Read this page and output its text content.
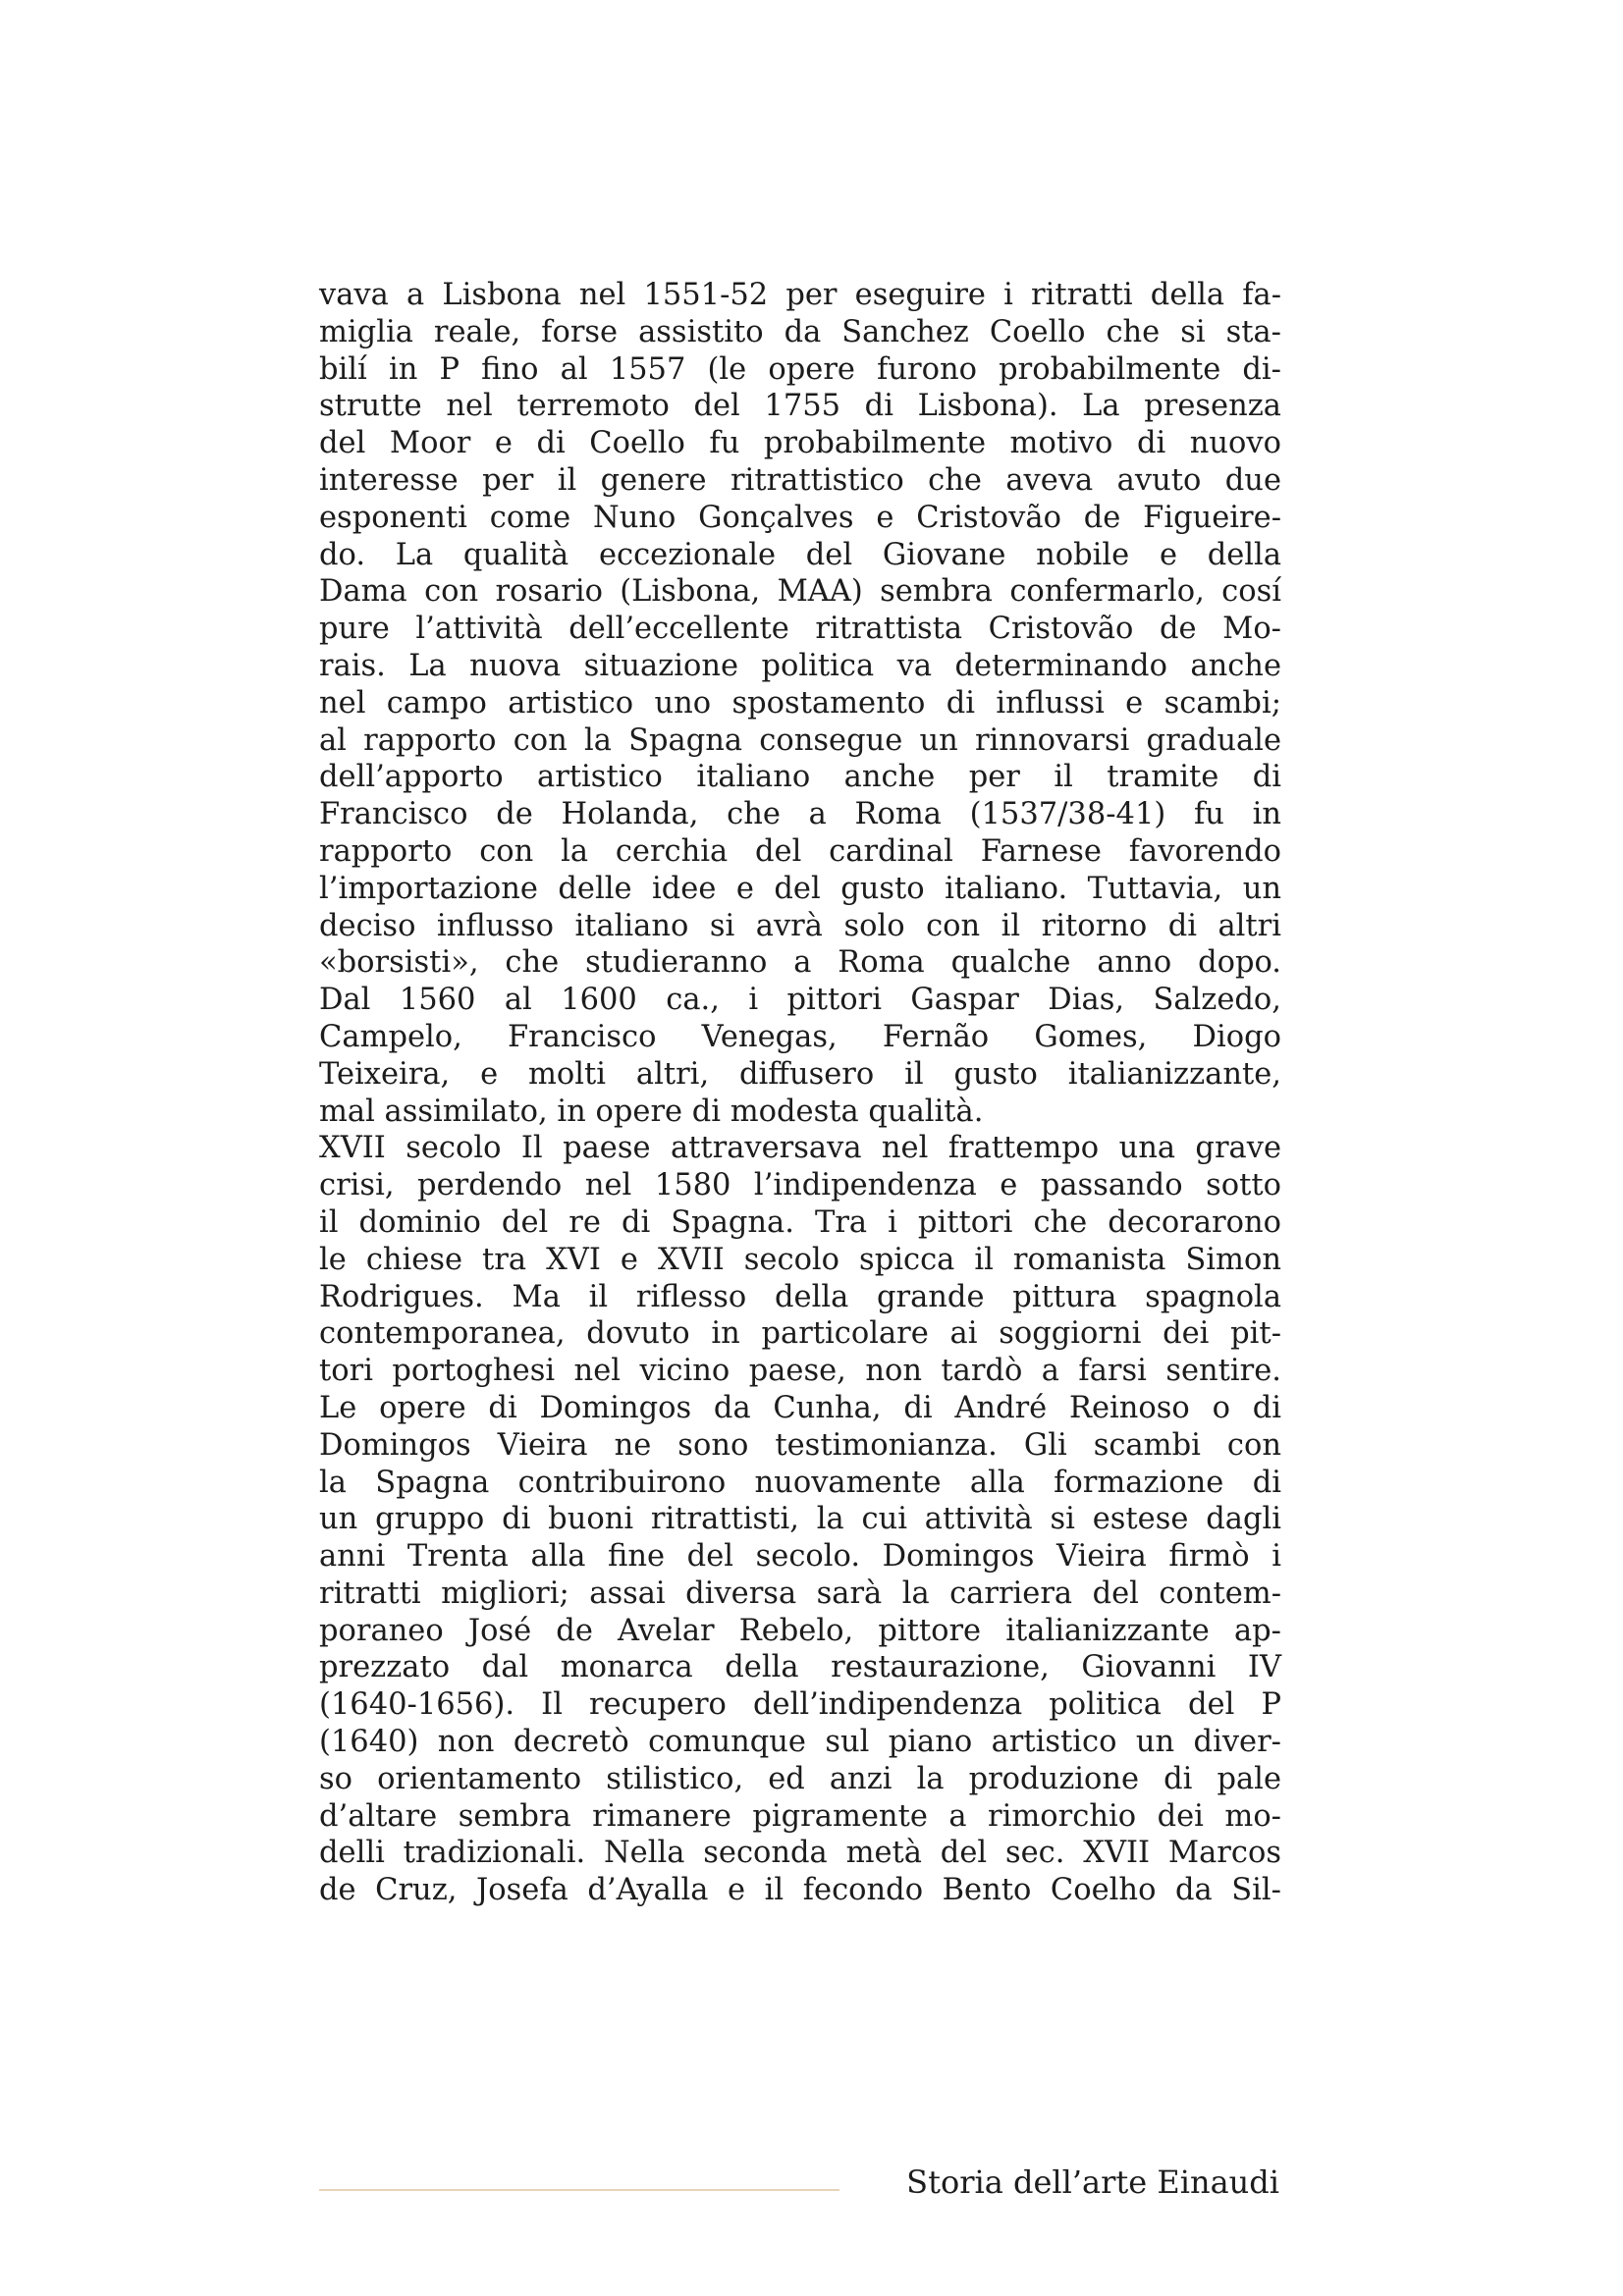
vava a Lisbona nel 1551-52 per eseguire i ritratti della fa-
miglia reale, forse assistito da Sanchez Coello che si sta-
bilí in P fino al 1557 (le opere furono probabilmente di-
strutte nel terremoto del 1755 di Lisbona). La presenza
del Moor e di Coello fu probabilmente motivo di nuovo
interesse per il genere ritrattistico che aveva avuto due
esponenti come Nuno Gonçalves e Cristovão de Figueire-
do. La qualità eccezionale del Giovane nobile e della
Dama con rosario (Lisbona, MAA) sembra confermarlo, cosí
pure l’attività dell’eccellente ritrattista Cristovão de Mo-
rais. La nuova situazione politica va determinando anche
nel campo artistico uno spostamento di influssi e scambi;
al rapporto con la Spagna consegue un rinnovarsi graduale
dell’apporto artistico italiano anche per il tramite di
Francisco de Holanda, che a Roma (1537/38-41) fu in
rapporto con la cerchia del cardinal Farnese favorendo
l’importazione delle idee e del gusto italiano. Tuttavia, un
deciso influsso italiano si avrà solo con il ritorno di altri
«borsisti», che studieranno a Roma qualche anno dopo.
Dal 1560 al 1600 ca., i pittori Gaspar Dias, Salzedo,
Campelo, Francisco Venegas, Fernão Gomes, Diogo
Teixeira, e molti altri, diffusero il gusto italianizzante,
mal assimilato, in opere di modesta qualità.
XVII secolo Il paese attraversava nel frattempo una grave
crisi, perdendo nel 1580 l’indipendenza e passando sotto
il dominio del re di Spagna. Tra i pittori che decorarono
le chiese tra XVI e XVII secolo spicca il romanista Simon
Rodrigues. Ma il riflesso della grande pittura spagnola
contemporanea, dovuto in particolare ai soggiorni dei pit-
tori portoghesi nel vicino paese, non tardò a farsi sentire.
Le opere di Domingos da Cunha, di André Reinoso o di
Domingos Vieira ne sono testimonianza. Gli scambi con
la Spagna contribuirono nuovamente alla formazione di
un gruppo di buoni ritrattisti, la cui attività si estese dagli
anni Trenta alla fine del secolo. Domingos Vieira firmò i
ritratti migliori; assai diversa sarà la carriera del contem-
poraneo José de Avelar Rebelo, pittore italianizzante ap-
prezzato dal monarca della restaurazione, Giovanni IV
(1640-1656). Il recupero dell’indipendenza politica del P
(1640) non decretò comunque sul piano artistico un diver-
so orientamento stilistico, ed anzi la produzione di pale
d’altare sembra rimanere pigramente a rimorchio dei mo-
delli tradizionali. Nella seconda metà del sec. XVII Marcos
de Cruz, Josefa d’Ayalla e il fecondo Bento Coelho da Sil-
Storia dell’arte Einaudi
